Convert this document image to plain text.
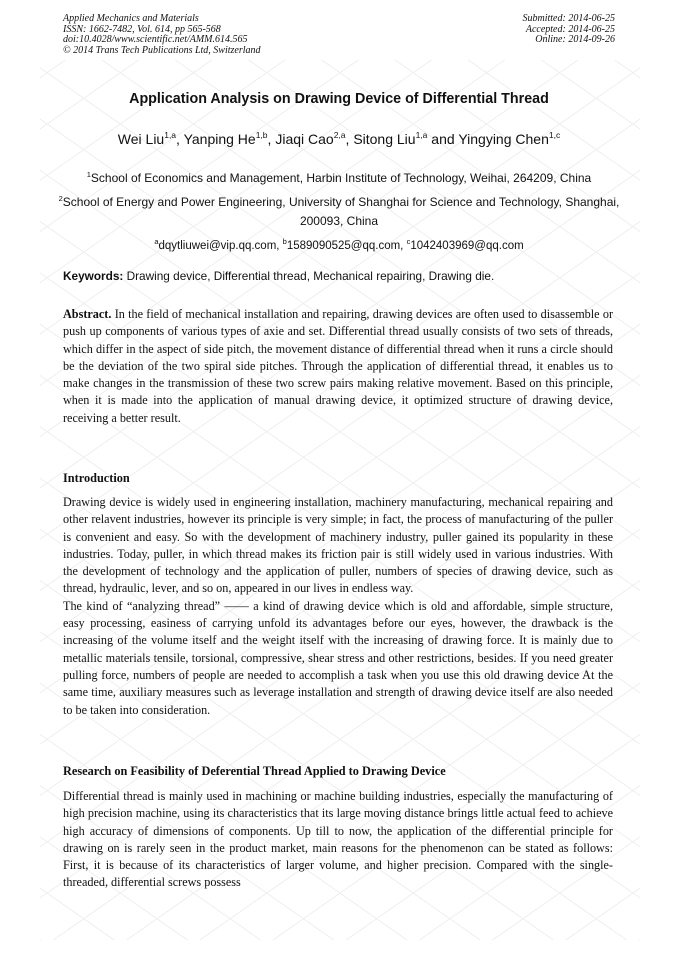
Applied Mechanics and Materials
ISSN: 1662-7482, Vol. 614, pp 565-568
doi:10.4028/www.scientific.net/AMM.614.565
© 2014 Trans Tech Publications Ltd, Switzerland
Submitted: 2014-06-25
Accepted: 2014-06-25
Online: 2014-09-26
Application Analysis on Drawing Device of Differential Thread
Wei Liu$^{1,a}$, Yanping He$^{1,b}$, Jiaqi Cao$^{2,a}$, Sitong Liu$^{1,a}$ and Yingying Chen$^{1,c}$
$^1$School of Economics and Management, Harbin Institute of Technology, Weihai, 264209, China
$^2$School of Energy and Power Engineering, University of Shanghai for Science and Technology, Shanghai, 200093, China
$^a$dqytliuwei@vip.qq.com, $^b$1589090525@qq.com, $^c$1042403969@qq.com
Keywords: Drawing device, Differential thread, Mechanical repairing, Drawing die.

Abstract. In the field of mechanical installation and repairing, drawing devices are often used to disassemble or push up components of various types of axie and set. Differential thread usually consists of two sets of threads, which differ in the aspect of side pitch, the movement distance of differential thread when it runs a circle should be the deviation of the two spiral side pitches. Through the application of differential thread, it enables us to make changes in the transmission of these two screw pairs making relative movement. Based on this principle, when it is made into the application of manual drawing device, it optimized structure of drawing device, receiving a better result.

Introduction

Drawing device is widely used in engineering installation, machinery manufacturing, mechanical repairing and other relavent industries, however its principle is very simple; in fact, the process of manufacturing of the puller is convenient and easy. So with the development of machinery industry, puller gained its popularity in these industries. Today, puller, in which thread makes its friction pair is still widely used in various industries. With the development of technology and the application of puller, numbers of species of drawing device, such as thread, hydraulic, lever, and so on, appeared in our lives in endless way.

The kind of “analyzing thread” —— a kind of drawing device which is old and affordable, simple structure, easy processing, easiness of carrying unfold its advantages before our eyes, however, the drawback is the increasing of the volume itself and the weight itself with the increasing of drawing force. It is mainly due to metallic materials tensile, torsional, compressive, shear stress and other restrictions, besides. If you need greater pulling force, numbers of people are needed to accomplish a task when you use this old drawing device At the same time, auxiliary measures such as leverage installation and strength of drawing device itself are also needed to be taken into consideration.

Research on Feasibility of Deferential Thread Applied to Drawing Device

Differential thread is mainly used in machining or machine building industries, especially the manufacturing of high precision machine, using its characteristics that its large moving distance brings little actual feed to achieve high accuracy of dimensions of components. Up till to now, the application of the differential principle for drawing on is rarely seen in the product market, main reasons for the phenomenon can be stated as follows: First, it is because of its characteristics of larger volume, and higher precision. Compared with the single-threaded, differential screws possess
